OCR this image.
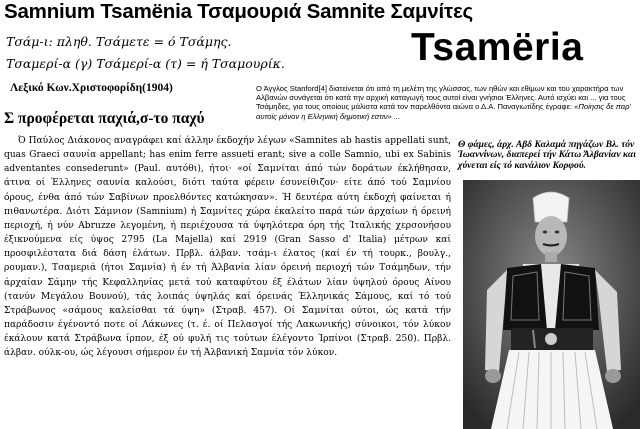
Samnium Tsamënia Τσαμουριά Samnite Σαμνίτες
Τσάμ-ι: πληθ. Τσάμετε = ό Τσάμης.
Τσαμερί-α (γ) Τσάμερί-α (τ) = ή Τσαμουρίκ.	Tsamëria
Λεξικό Κων.Χριστοφορίδη(1904)	Ο Άγγλος Stanford[4] διατείνεται ότι από τη μελέτη της γλώσσας, των ηθών και εθίμων και του χαρακτήρα των Αλβανών συνάγεται ότι κατά την αρχική καταγωγή τους αυτοί είναι γνήσιοι Έλληνες. Αυτό ισχύει και ... για τους Τσάμηδες, για τους οποίους μάλιστα κατά τον παρελθόντα αιώνα ο Δ.Α. Παναγιωτίδης έγραφε: «Ποίησις δε παρ' αυτοίς μόνον η Ελληνική δημοτική εστιν» ...
Σ προφέρεται παχιά,σ-το παχύ
Θ φάμες, άρχ. Αβδ Καλαμά πηγάζων Βλ. τόν Ίωαννίνων, διαπερεί τήν Κάτω Άλβανίαν και χύνεται είς τό κανάλιον Κορφού.

Ό Παύλος Διάκονος αναγράφει καί άλλην έκδοχήν λέγων «Samnites ab hastis appellati sunt, quas Graeci σαυνία appellant; has enim ferre assueti erant; sive a colle Samnio, ubi ex Sabinis adventantes consederunt» (Paul. αυτόθι), ήτοι· «οί Σαμνίται άπό τών δοράτων έκλήθησαν, άτινα οί Έλληνες σαυνία καλούσι, διότι ταύτα φέρειν έσυνείθιζον· είτε άπό τού Σαμνίου όρους, ένθα άπό τών Σαβίνων προελθόντες κατώκησαν». Ή δευτέρα αύτη έκδοχή φαίνεται ή πιθανωτέρα. Διότι Σάμνιον (Samnium) ή Σαμνίτες χώρα έκαλείτο παρά τών άρχαίων ή όρεινή περιοχή, ή νύν Abruzze λεγομένη, ή περιέχουσα τά ύψηλότερα όρη τής Ίταλικής χερσονήσου έξικνούμενα είς ύψος 2795 (La Majella) καί 2919 (Gran Sasso d' Italia) μέτρων καί προσφιλέστατα διά δάση έλάτων. Πρβλ. άλβαν. τσάμ-ι έλατος (καί έν τή τουρκ., βουλγ., ρουμαν.), Τσαμεριά (ήτοι Σαμνία) ή έν τή Άλβανία λίαν όρεινή περιοχή τών Τσάμηδων, τήν άρχαίαν Σάμην τής Κεφαλληνίας μετά τού καταφύτου έξ έλάτων λίαν ύψηλού όρους Αίνου (τανύν Μεγάλου Βουνού), τάς λοιπάς ύψηλάς καί όρεινάς Έλληνικάς Σάμους, καί τό τού Στράβωνος «σάμους καλείσθαι τά ύψη» (Στραβ. 457). Οί Σαμνίται ούτοι, ώς κατά τήν παράδοσιν έγένοντό ποτε οί Λάκωνες (τ. έ. οί Πελασγοί τής Λακωνικής) σύνοικοι, τόν λύκον έκάλουν κατά Στράβωνα ίρπον, έξ ού φυλή τις τούτων έλέγοντο Ίρπίνοι (Στραβ. 250). Πρβλ. άλβαν. ούλκ-ου, ώς λέγουσι σήμερον έν τή Άλβανική Σαμνία τόν λύκον.
